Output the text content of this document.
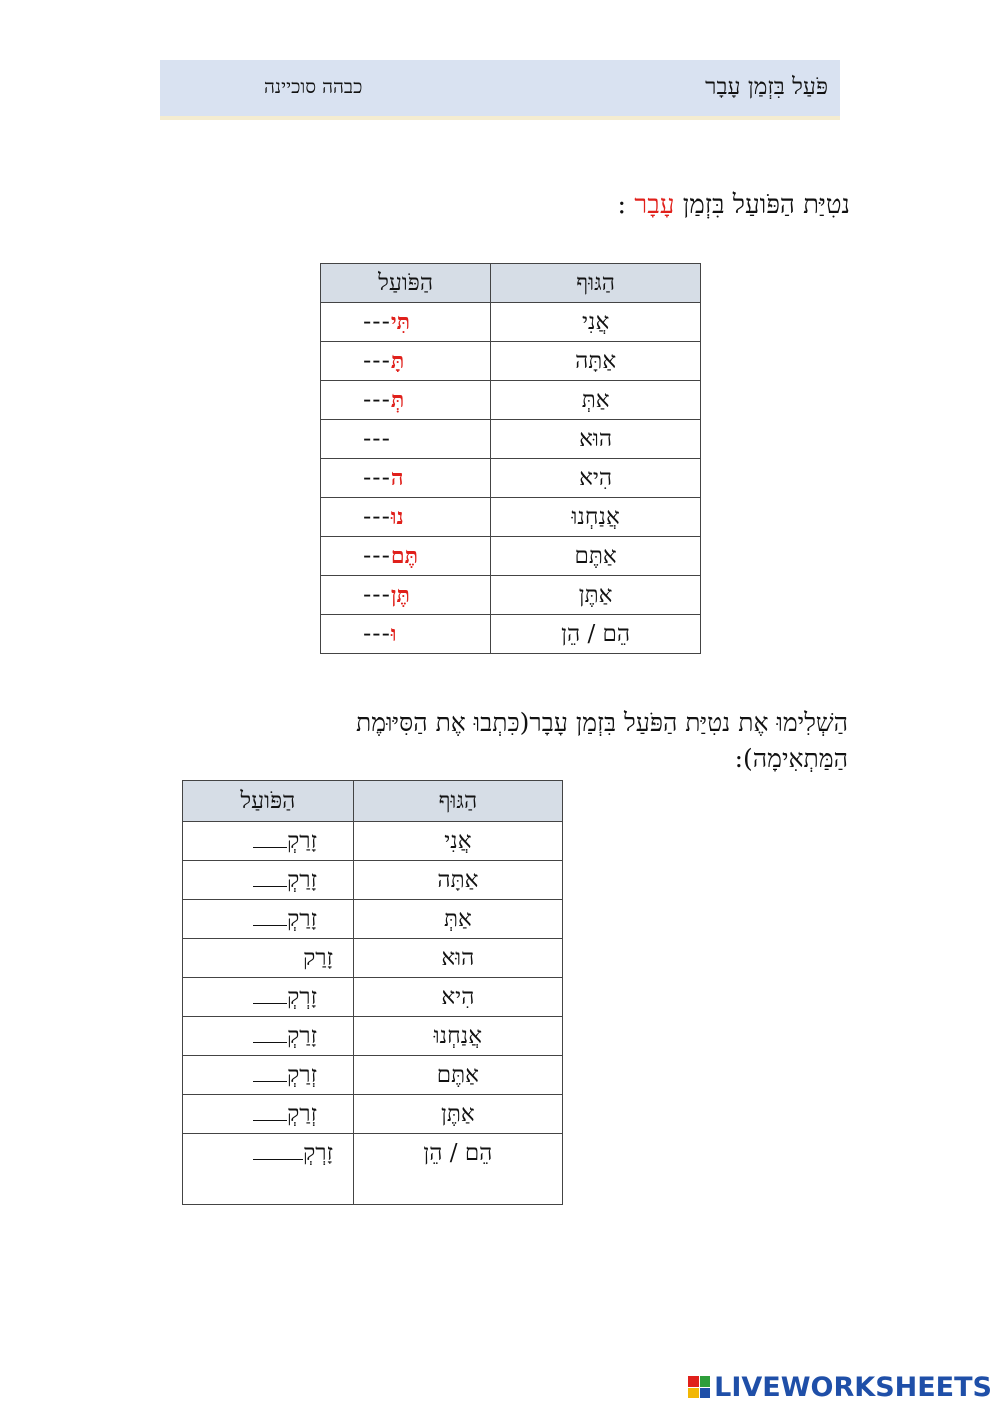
פֹּעַל בִּזְמַן עָבָר
כבהה סוכיינה
נטִיַּת הַפֹּועַל בִּזְמַן עָבָר :
הַגּוּף	הַפֹּועַל
אֲנִי	---תִּי
אַתָּה	---תָּ
אַתְּ	---תְּ
הוּא	---
הִיא	---ה
אֲנַחְנוּ	---נוּ
אַתֶּם	---תֶּם
אַתֶּן	---תֶּן
הֵם / הֵן	---וּ
הַשְׁלִימוּ אֶת נטִיַּת הַפֹּעַל בִּזְמַן עָבָר(כִּתְבוּ אֶת הַסִּיּוּמֶת הַמַּתְאִימָה):
הַגּוּף	הַפֹּועַל
אֲנִי	זָרַקְ
אַתָּה	זָרַקְ
אַתְּ	זָרַקְ
הוּא	זָרַק
הִיא	זָרְקְ
אֲנַחְנוּ	זָרַקְ
אַתֶּם	זְרַקְ
אַתֶּן	זְרַקְ
הֵם / הֵן	זָרְקְ
LIVEWORKSHEETS
